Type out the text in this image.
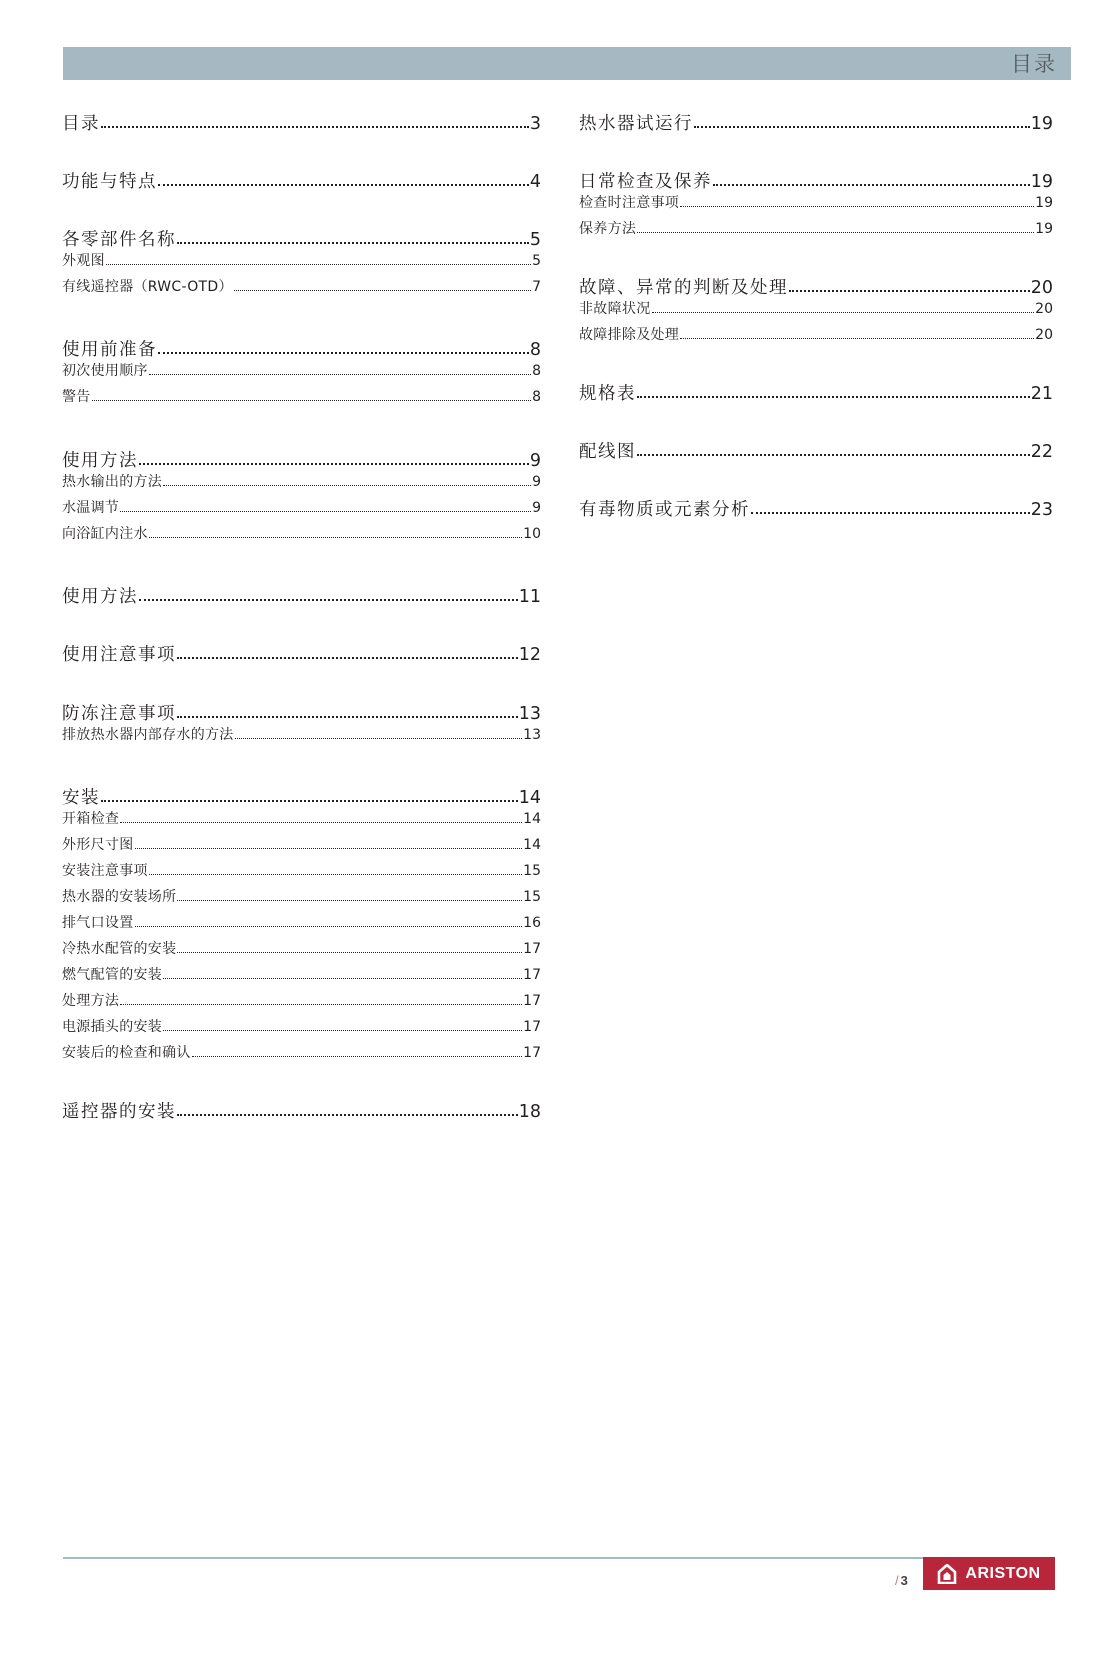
目录
目录	3
功能与特点	4
各零部件名称	5
外观图	5
有线遥控器（RWC-OTD）	7
使用前准备	8
初次使用顺序	8
警告	8
使用方法	9
热水输出的方法	9
水温调节	9
向浴缸内注水	10
使用方法	11
使用注意事项	12
防冻注意事项	13
排放热水器内部存水的方法	13
安装	14
开箱检查	14
外形尺寸图	14
安装注意事项	15
热水器的安装场所	15
排气口设置	16
冷热水配管的安装	17
燃气配管的安装	17
处理方法	17
电源插头的安装	17
安装后的检查和确认	17
遥控器的安装	18
热水器试运行	19
日常检查及保养	19
检查时注意事项	19
保养方法	19
故障、异常的判断及处理	20
非故障状况	20
故障排除及处理	20
规格表	21
配线图	22
有毒物质或元素分析	23
/ 3	ARISTON
